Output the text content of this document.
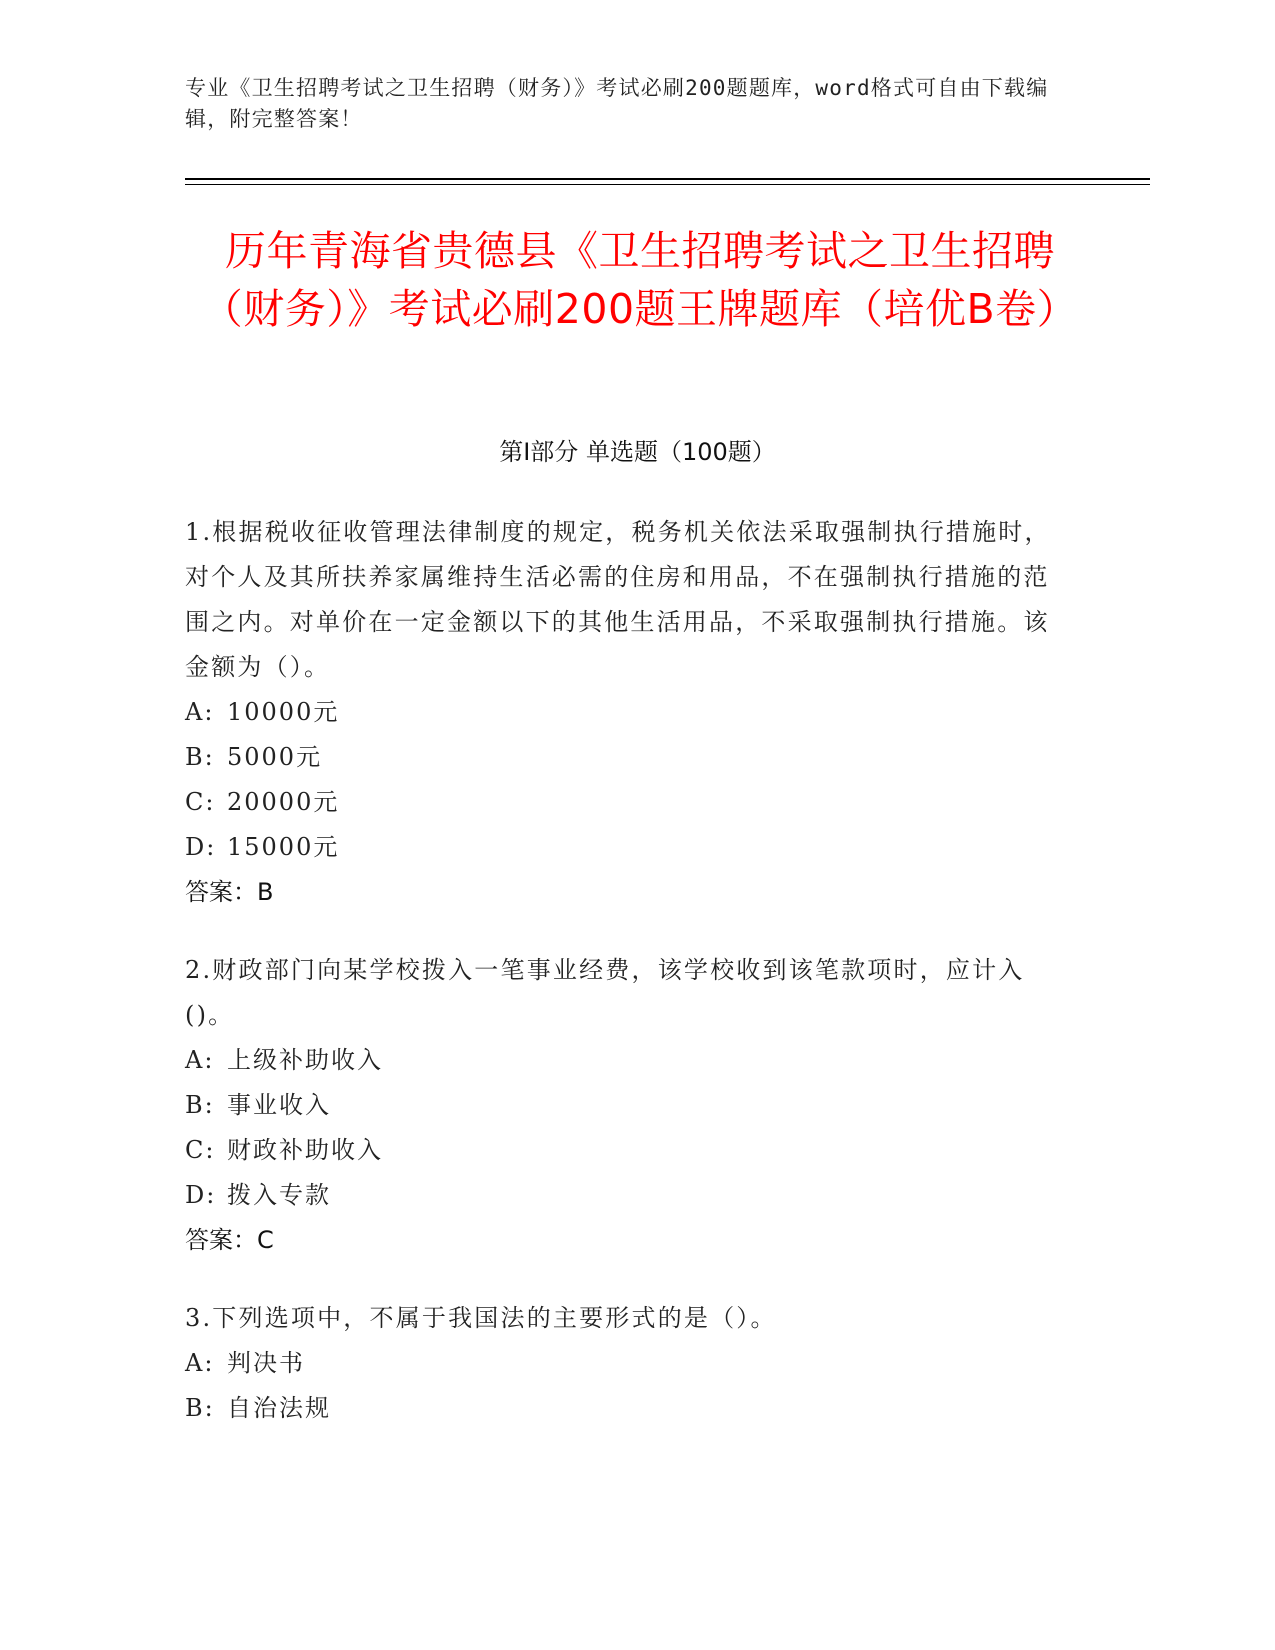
专业《卫生招聘考试之卫生招聘（财务）》考试必刷200题题库，word格式可自由下载编辑，附完整答案！
历年青海省贵德县《卫生招聘考试之卫生招聘（财务）》考试必刷200题王牌题库（培优B卷）
第Ⅰ部分 单选题（100题）
1.根据税收征收管理法律制度的规定，税务机关依法采取强制执行措施时，对个人及其所扶养家属维持生活必需的住房和用品，不在强制执行措施的范围之内。对单价在一定金额以下的其他生活用品，不采取强制执行措施。该金额为（）。
A: 10000元
B: 5000元
C: 20000元
D: 15000元
答案：B
2.财政部门向某学校拨入一笔事业经费，该学校收到该笔款项时，应计入()。
A: 上级补助收入
B: 事业收入
C: 财政补助收入
D: 拨入专款
答案：C
3.下列选项中，不属于我国法的主要形式的是（）。
A: 判决书
B: 自治法规
